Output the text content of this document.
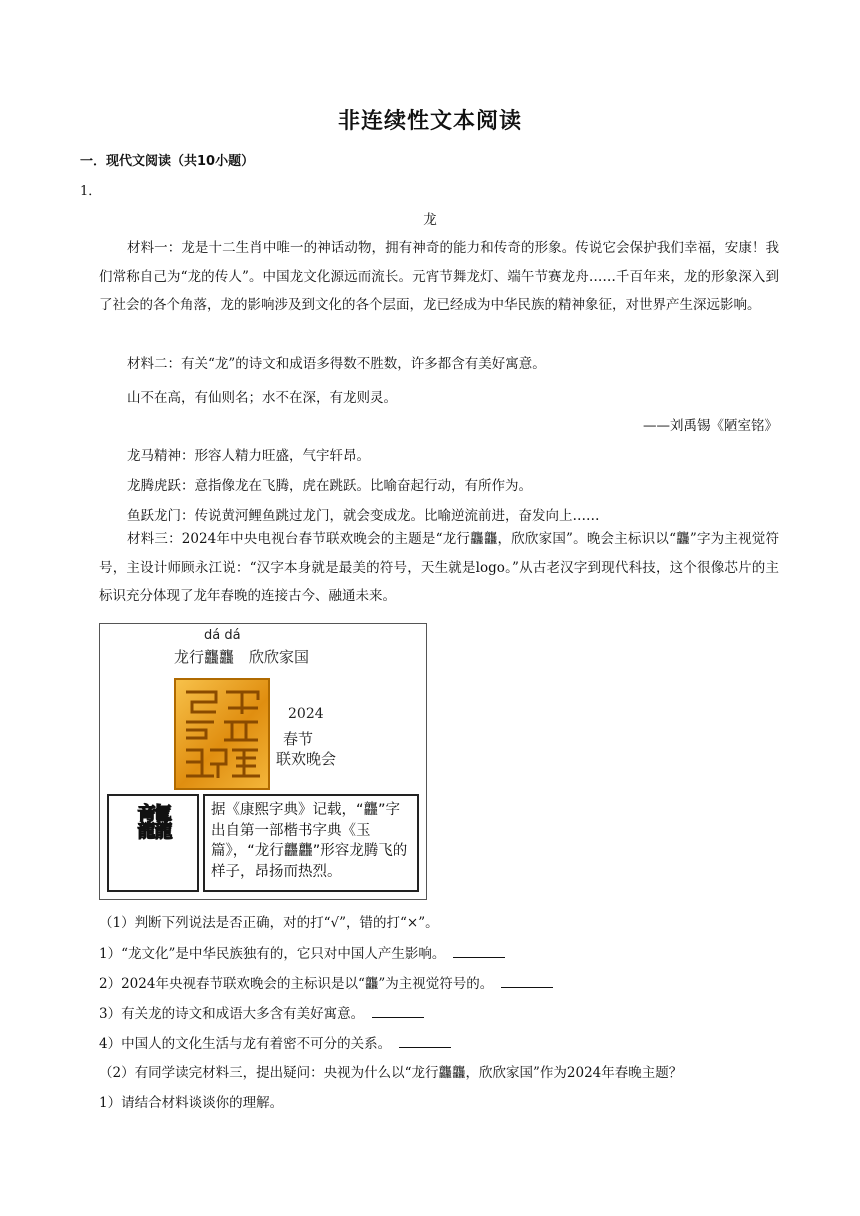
非连续性文本阅读
一．现代文阅读（共10小题）
1．
龙

材料一：龙是十二生肖中唯一的神话动物，拥有神奇的能力和传奇的形象。传说它会保护我们幸福，安康！我们常称自己为“龙的传人”。中国龙文化源远而流长。元宵节舞龙灯、端午节赛龙舟……千百年来，龙的形象深入到了社会的各个角落，龙的影响涉及到文化的各个层面，龙已经成为中华民族的精神象征，对世界产生深远影响。

材料二：有关“龙”的诗文和成语多得数不胜数，许多都含有美好寓意。

山不在高，有仙则名；水不在深，有龙则灵。
——刘禹锡《陋室铭》
龙马精神：形容人精力旺盛，气宇轩昂。
龙腾虎跃：意指像龙在飞腾，虎在跳跃。比喻奋起行动，有所作为。
鱼跃龙门：传说黄河鲤鱼跳过龙门，就会变成龙。比喻逆流前进，奋发向上……

材料三：2024年中央电视台春节联欢晚会的主题是“龙行龘龘，欣欣家国”。晚会主标识以“龘”字为主视觉符号，主设计师顾永江说：“汉字本身就是最美的符号，天生就是logo。”从古老汉字到现代科技，这个很像芯片的主标识充分体现了龙年春晚的连接古今、融通未来。

dá dá
龙行龘龘　欣欣家国
2024
春节
联欢晚会
龘	据《康熙字典》记载，“龘”字出自第一部楷书字典《玉篇》，“龙行龘龘”形容龙腾飞的样子，昂扬而热烈。
（1）判断下列说法是否正确，对的打“√”，错的打“×”。
1）“龙文化”是中华民族独有的，它只对中国人产生影响。
2）2024年央视春节联欢晚会的主标识是以“龘”为主视觉符号的。
3）有关龙的诗文和成语大多含有美好寓意。
4）中国人的文化生活与龙有着密不可分的关系。
（2）有同学读完材料三，提出疑问：央视为什么以“龙行龘龘，欣欣家国”作为2024年春晚主题？
1）请结合材料谈谈你的理解。
